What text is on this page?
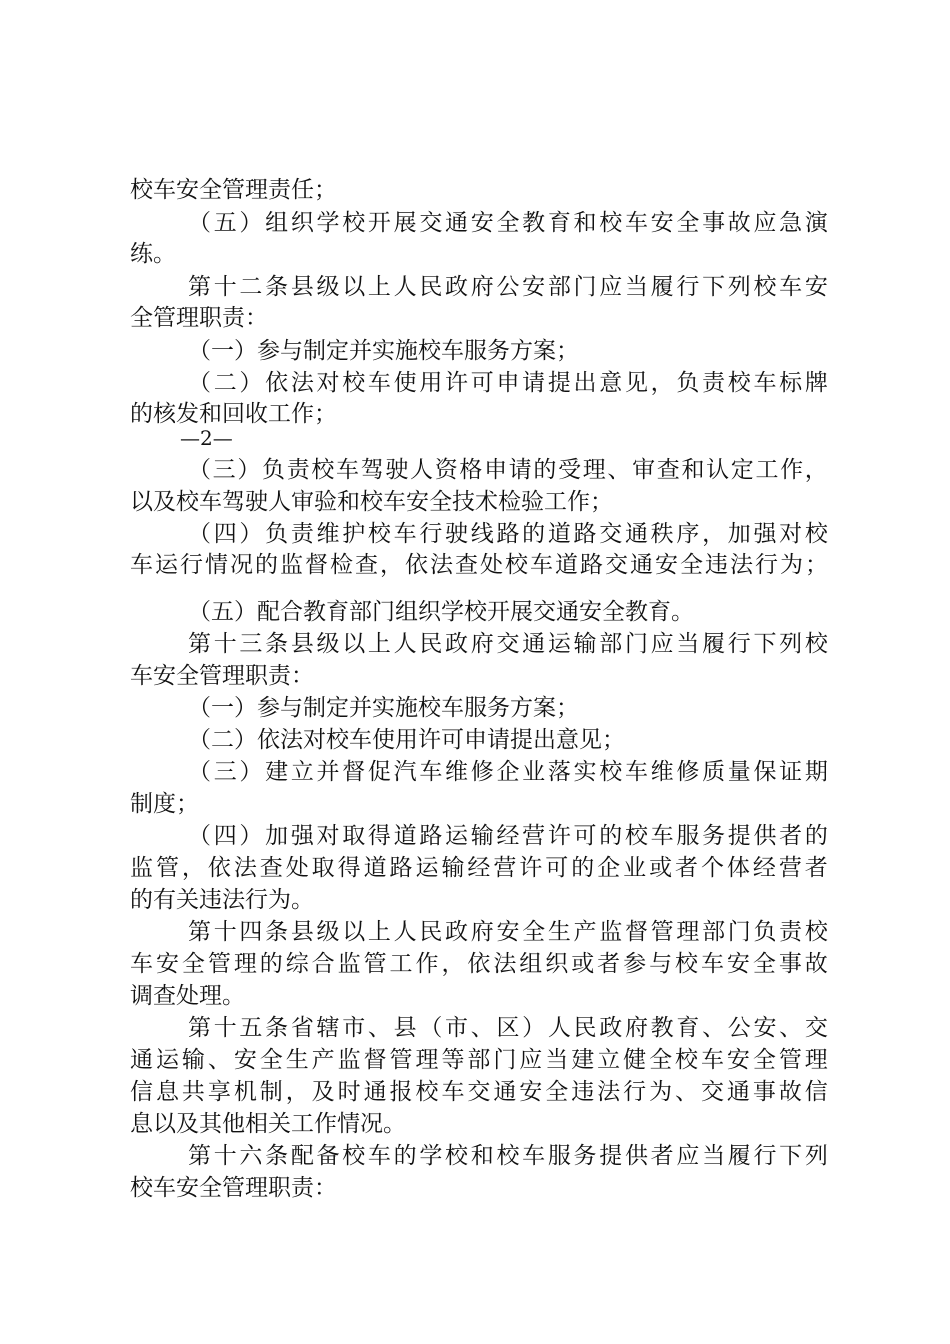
校车安全管理责任；
（ 五 ） 组 织 学 校 开 展 交 通 安 全 教 育 和 校 车 安 全 事 故 应 急 演
练。
第 十 二 条 县 级 以 上 人 民 政 府 公 安 部 门 应 当 履 行 下 列 校 车 安
全管理职责：
（一）参与制定并实施校车服务方案；
（ 二 ） 依 法 对 校 车 使 用 许 可 申 请 提 出 意 见 ， 负 责 校 车 标 牌
的核发和回收工作；
（ 三 ） 负 责 校 车 驾 驶 人 资 格 申 请 的 受 理 、 审 查 和 认 定 工 作 ，
以及校车驾驶人审验和校车安全技术检验工作；
（ 四 ） 负 责 维 护 校 车 行 驶 线 路 的 道 路 交 通 秩 序 ， 加 强 对 校
车 运 行 情 况 的 监 督 检 查 ， 依 法 查 处 校 车 道 路 交 通 安 全 违 法 行 为 ；
（五）配合教育部门组织学校开展交通安全教育。
第 十 三 条 县 级 以 上 人 民 政 府 交 通 运 输 部 门 应 当 履 行 下 列 校
车安全管理职责：
（一）参与制定并实施校车服务方案；
（二）依法对校车使用许可申请提出意见；
（ 三 ） 建 立 并 督 促 汽 车 维 修 企 业 落 实 校 车 维 修 质 量 保 证 期
制度；
（ 四 ） 加 强 对 取 得 道 路 运 输 经 营 许 可 的 校 车 服 务 提 供 者 的
监 管 ， 依 法 查 处 取 得 道 路 运 输 经 营 许 可 的 企 业 或 者 个 体 经 营 者
的有关违法行为。
第 十 四 条 县 级 以 上 人 民 政 府 安 全 生 产 监 督 管 理 部 门 负 责 校
车 安 全 管 理 的 综 合 监 管 工 作 ， 依 法 组 织 或 者 参 与 校 车 安 全 事 故
调查处理。
第 十 五 条 省 辖 市 、 县 （ 市 、 区 ） 人 民 政 府 教 育 、 公 安 、 交
通 运 输 、 安 全 生 产 监 督 管 理 等 部 门 应 当 建 立 健 全 校 车 安 全 管 理
信 息 共 享 机 制 ， 及 时 通 报 校 车 交 通 安 全 违 法 行 为 、 交 通 事 故 信
息以及其他相关工作情况。
第 十 六 条 配 备 校 车 的 学 校 和 校 车 服 务 提 供 者 应 当 履 行 下 列
校车安全管理职责：
—2—
